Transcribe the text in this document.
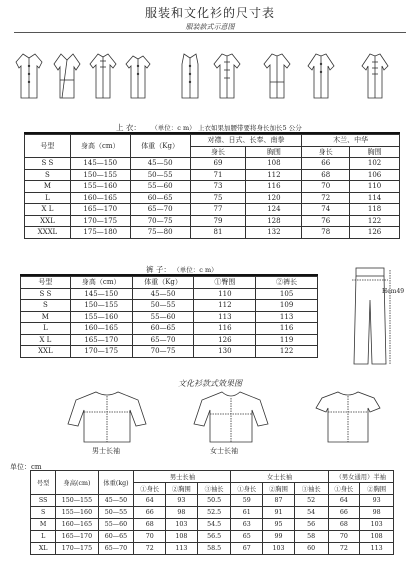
服装和文化衫的尺寸表
服装款式示意图
上 衣： （单位：c m） 上衣如果加腰带要将身长加长5 公分
号型	身高（cm）	体重（Kg）	对襟、日式、长奉、南拳		木兰、中华	
			身长	胸围	身长	胸围
S S	145—150	45—50	69	108	66	102
S	150—155	50—55	71	112	68	106
M	155—160	55—60	73	116	70	110
L	160—165	60—65	75	120	72	114
X L	165—170	65—70	77	124	74	118
XXL	170—175	70—75	79	128	76	122
XXXL	175—180	75—80	81	132	78	126
裤 子： （单位：c m）
号型	身高（cm）	体重（Kg）	①臀围	②裤长
S S	145—150	45—50	110	105
S	150—155	50—55	112	109
M	155—160	55—60	113	113
L	160—165	60—65	116	116
X L	165—170	65—70	126	119
XXL	170—175	70—75	130	122
Hem49
文化衫款式效果图
男士长袖	女士长袖
单位：cm
号型	身高(cm)	体重(kg)	男士长袖			女士长袖			（男女通用）半袖	
			①身长	②胸围	③袖长	①身长	②胸围	③袖长	①身长	②胸围
SS	150—155	45—50	64	93	50.5	59	87	52	64	93
S	155—160	50—55	66	98	52.5	61	91	54	66	98
M	160—165	55—60	68	103	54.5	63	95	56	68	103
L	165—170	60—65	70	108	56.5	65	99	58	70	108
XL	170—175	65—70	72	113	58.5	67	103	60	72	113
